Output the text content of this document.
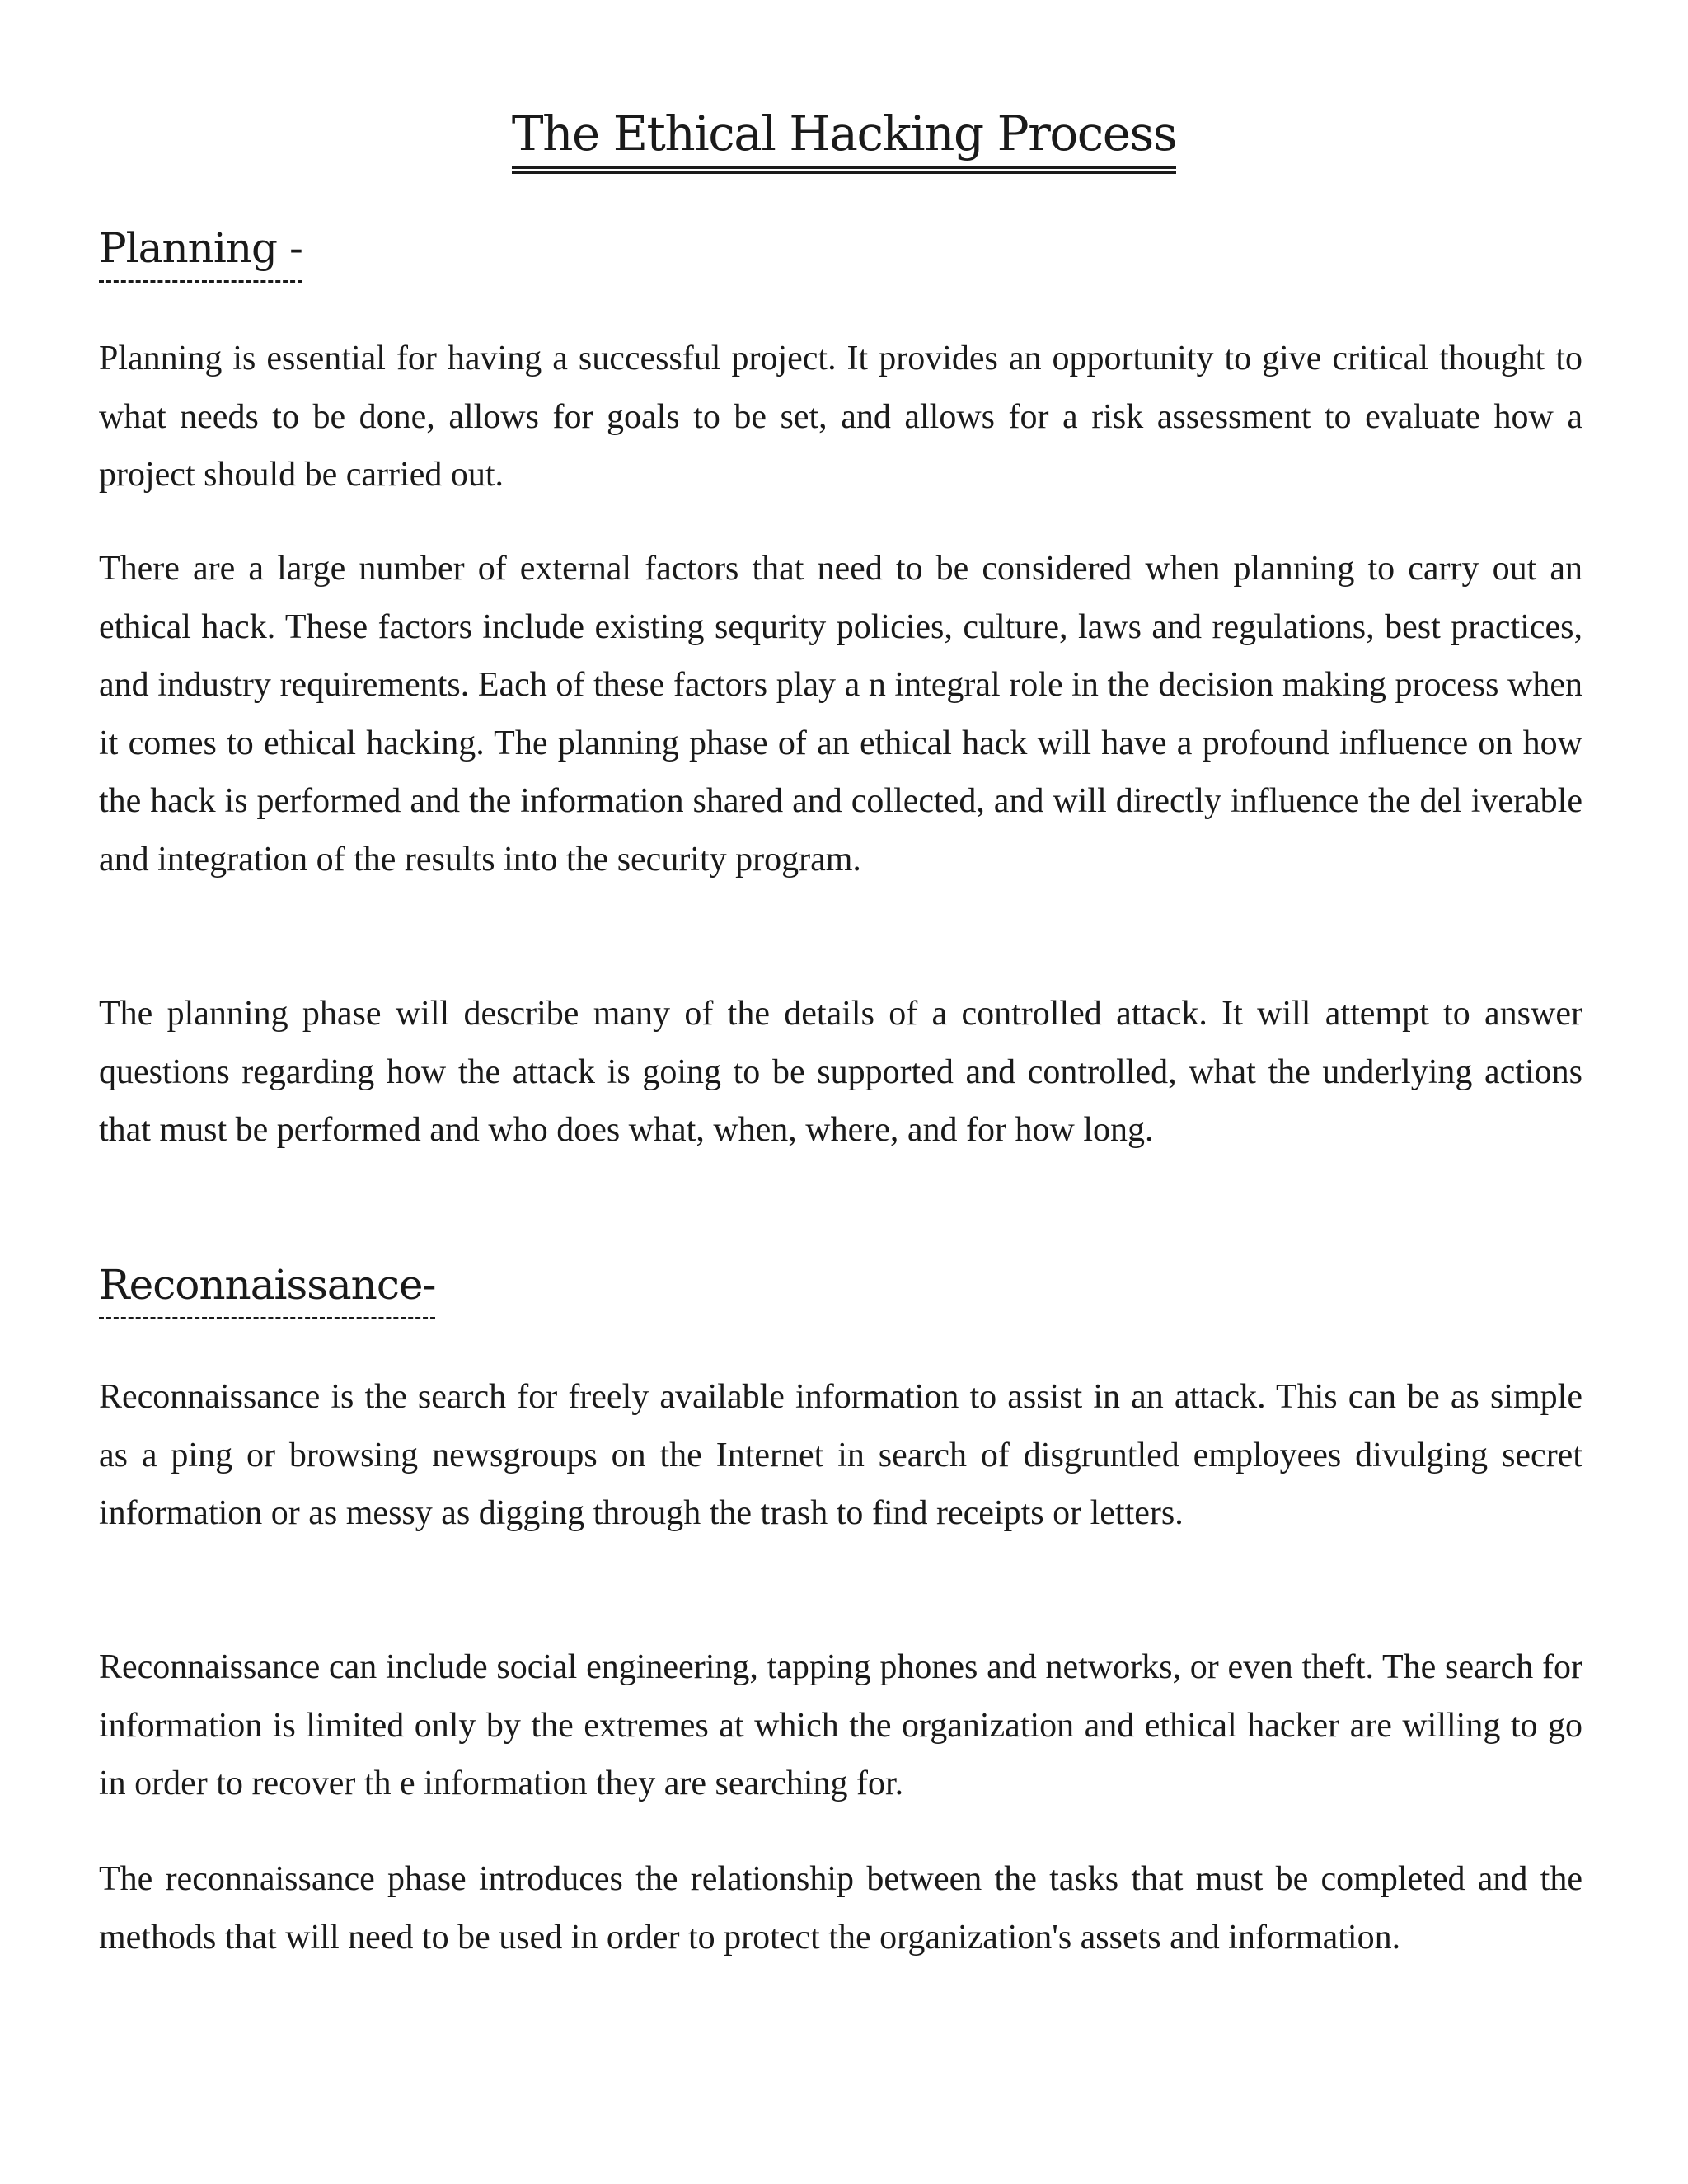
The Ethical Hacking Process
Planning -

Planning is essential for having a successful project. It provides an opportunity to give critical thought to what needs to be done, allows for goals to be set, and allows for a risk assessment to evaluate how a project should be carried out.

There are a large number of external factors that need to be considered when planning to carry out an ethical hack. These factors include existing sequrity policies, culture, laws and regulations, best practices, and industry requirements. Each of these factors play a n integral role in the decision making process when it comes to ethical hacking. The planning phase of an ethical hack will have a profound influence on how the hack is performed and the information shared and collected, and will directly influence the del iverable and integration of the results into the security program.

The planning phase will describe many of the details of a controlled attack. It will attempt to answer questions regarding how the attack is going to be supported and controlled, what the underlying actions that must be performed and who does what, when, where, and for how long.

Reconnaissance-

Reconnaissance is the search for freely available information to assist in an attack. This can be as simple as a ping or browsing newsgroups on the Internet in search of disgruntled employees divulging secret information or as messy as digging through the trash to find receipts or letters.

Reconnaissance can include social engineering, tapping phones and networks, or even theft. The search for information is limited only by the extremes at which the organization and ethical hacker are willing to go in order to recover th e information they are searching for.

The reconnaissance phase introduces the relationship between the tasks that must be completed and the methods that will need to be used in order to protect the organization's assets and information.
